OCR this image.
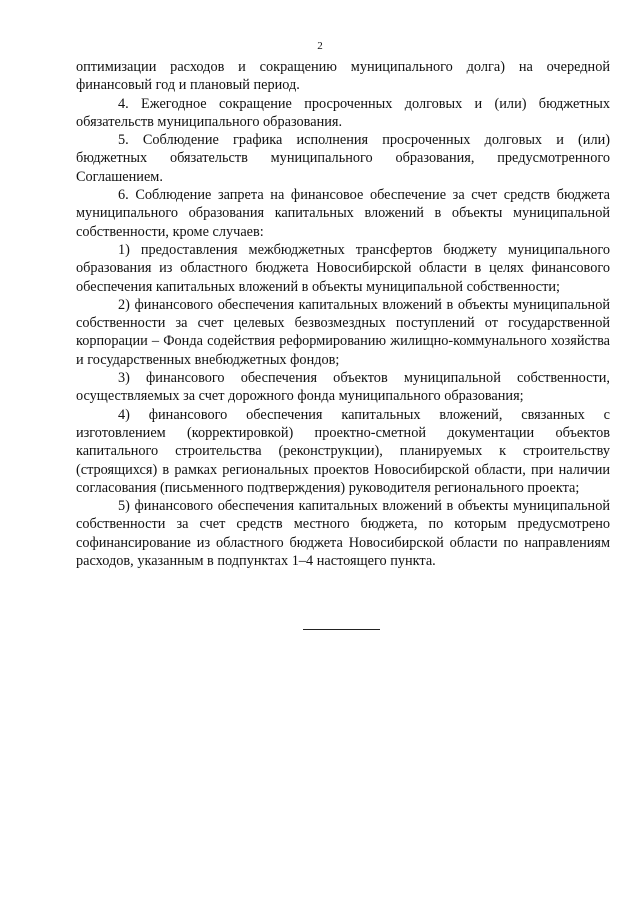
2

оптимизации расходов и сокращению муниципального долга) на очередной финансовый год и плановый период.

4. Ежегодное сокращение просроченных долговых и (или) бюджетных обязательств муниципального образования.

5. Соблюдение графика исполнения просроченных долговых и (или) бюджетных обязательств муниципального образования, предусмотренного Соглашением.

6. Соблюдение запрета на финансовое обеспечение за счет средств бюджета муниципального образования капитальных вложений в объекты муниципальной собственности, кроме случаев:

1) предоставления межбюджетных трансфертов бюджету муниципального образования из областного бюджета Новосибирской области в целях финансового обеспечения капитальных вложений в объекты муниципальной собственности;

2) финансового обеспечения капитальных вложений в объекты муниципальной собственности за счет целевых безвозмездных поступлений от государственной корпорации – Фонда содействия реформированию жилищно-коммунального хозяйства и государственных внебюджетных фондов;

3) финансового обеспечения объектов муниципальной собственности, осуществляемых за счет дорожного фонда муниципального образования;

4) финансового обеспечения капитальных вложений, связанных с изготовлением (корректировкой) проектно-сметной документации объектов капитального строительства (реконструкции), планируемых к строительству (строящихся) в рамках региональных проектов Новосибирской области, при наличии согласования (письменного подтверждения) руководителя регионального проекта;

5) финансового обеспечения капитальных вложений в объекты муниципальной собственности за счет средств местного бюджета, по которым предусмотрено софинансирование из областного бюджета Новосибирской области по направлениям расходов, указанным в подпунктах 1–4 настоящего пункта.
